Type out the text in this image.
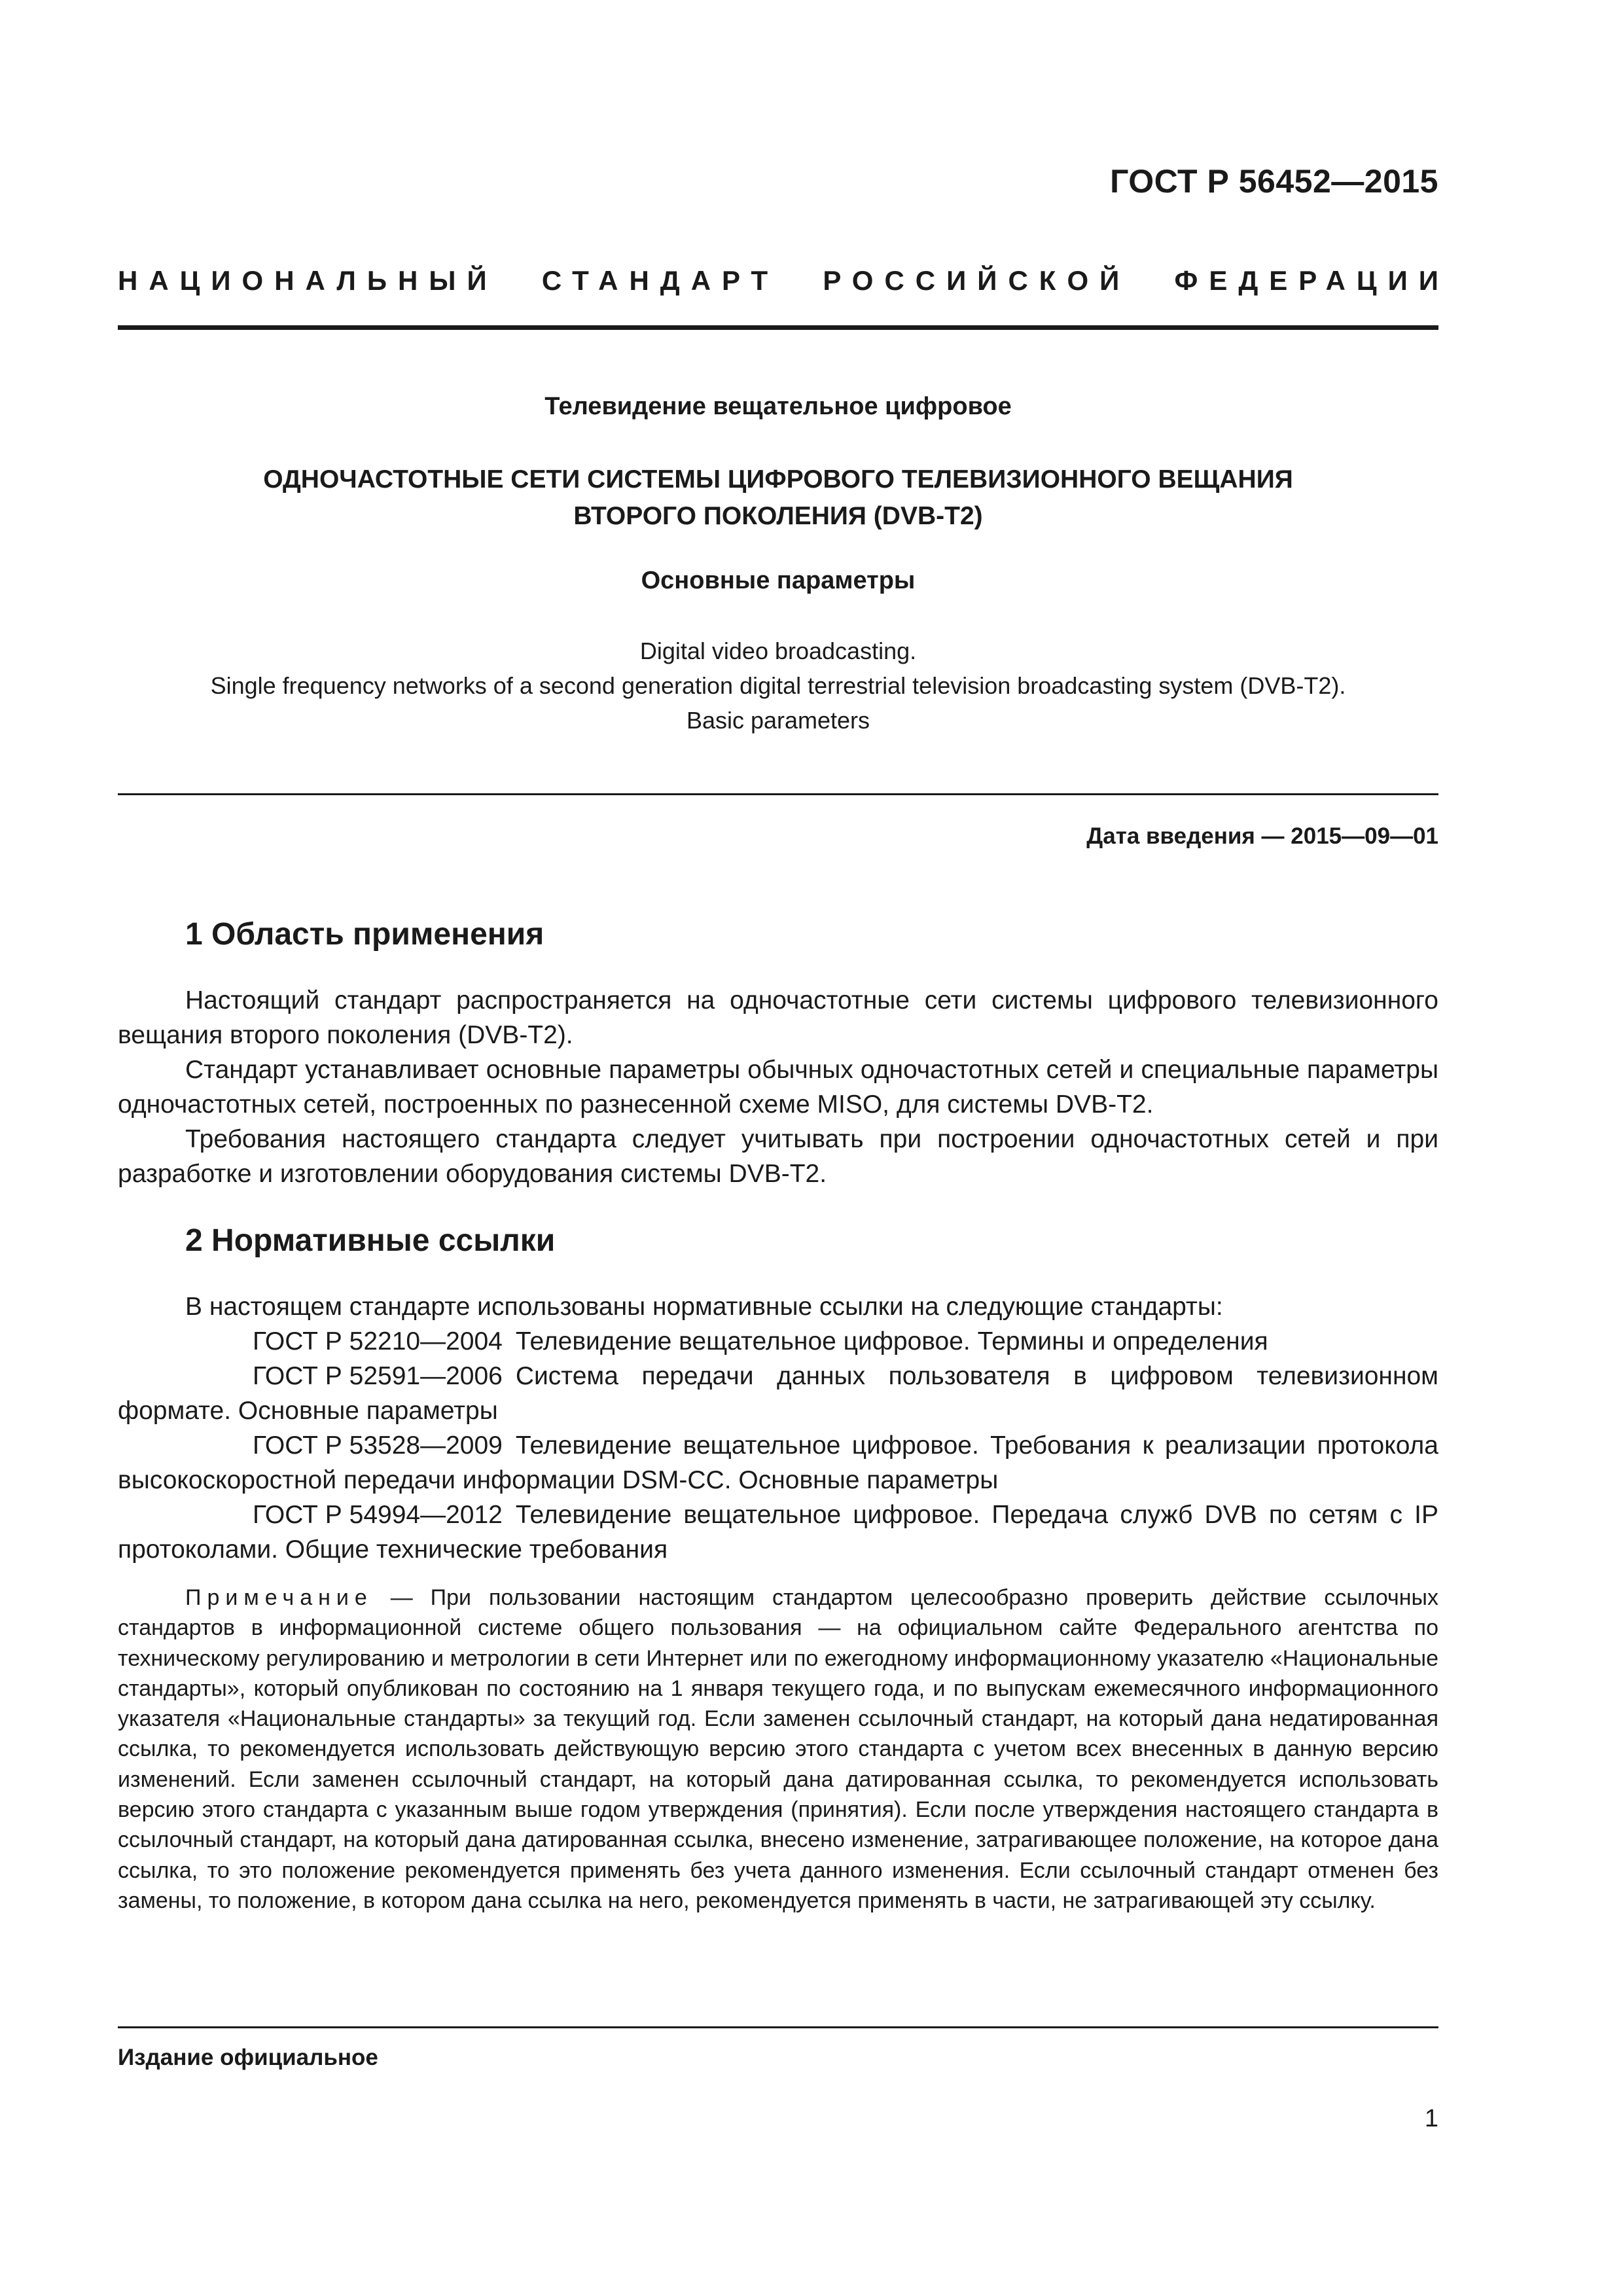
ГОСТ Р 56452—2015
НАЦИОНАЛЬНЫЙ СТАНДАРТ РОССИЙСКОЙ ФЕДЕРАЦИИ
Телевидение вещательное цифровое
ОДНОЧАСТОТНЫЕ СЕТИ СИСТЕМЫ ЦИФРОВОГО ТЕЛЕВИЗИОННОГО ВЕЩАНИЯ
ВТОРОГО ПОКОЛЕНИЯ (DVB-T2)
Основные параметры
Digital video broadcasting.
Single frequency networks of a second generation digital terrestrial television broadcasting system (DVB-T2).
Basic parameters
Дата введения — 2015—09—01
1 Область применения

Настоящий стандарт распространяется на одночастотные сети системы цифрового телевизионного вещания второго поколения (DVB-T2).

Стандарт устанавливает основные параметры обычных одночастотных сетей и специальные параметры одночастотных сетей, построенных по разнесенной схеме MISO, для системы DVB-T2.

Требования настоящего стандарта следует учитывать при построении одночастотных сетей и при разработке и изготовлении оборудования системы DVB-T2.

2 Нормативные ссылки

В настоящем стандарте использованы нормативные ссылки на следующие стандарты:

ГОСТ Р 52210—2004 Телевидение вещательное цифровое. Термины и определения

ГОСТ Р 52591—2006 Система передачи данных пользователя в цифровом телевизионном формате. Основные параметры

ГОСТ Р 53528—2009 Телевидение вещательное цифровое. Требования к реализации протокола высокоскоростной передачи информации DSM-CC. Основные параметры

ГОСТ Р 54994—2012 Телевидение вещательное цифровое. Передача служб DVB по сетям с IP протоколами. Общие технические требования

Примечание — При пользовании настоящим стандартом целесообразно проверить действие ссылочных стандартов в информационной системе общего пользования — на официальном сайте Федерального агентства по техническому регулированию и метрологии в сети Интернет или по ежегодному информационному указателю «Национальные стандарты», который опубликован по состоянию на 1 января текущего года, и по выпускам ежемесячного информационного указателя «Национальные стандарты» за текущий год. Если заменен ссылочный стандарт, на который дана недатированная ссылка, то рекомендуется использовать действующую версию этого стандарта с учетом всех внесенных в данную версию изменений. Если заменен ссылочный стандарт, на который дана датированная ссылка, то рекомендуется использовать версию этого стандарта с указанным выше годом утверждения (принятия). Если после утверждения настоящего стандарта в ссылочный стандарт, на который дана датированная ссылка, внесено изменение, затрагивающее положение, на которое дана ссылка, то это положение рекомендуется применять без учета данного изменения. Если ссылочный стандарт отменен без замены, то положение, в котором дана ссылка на него, рекомендуется применять в части, не затрагивающей эту ссылку.
Издание официальное
1
